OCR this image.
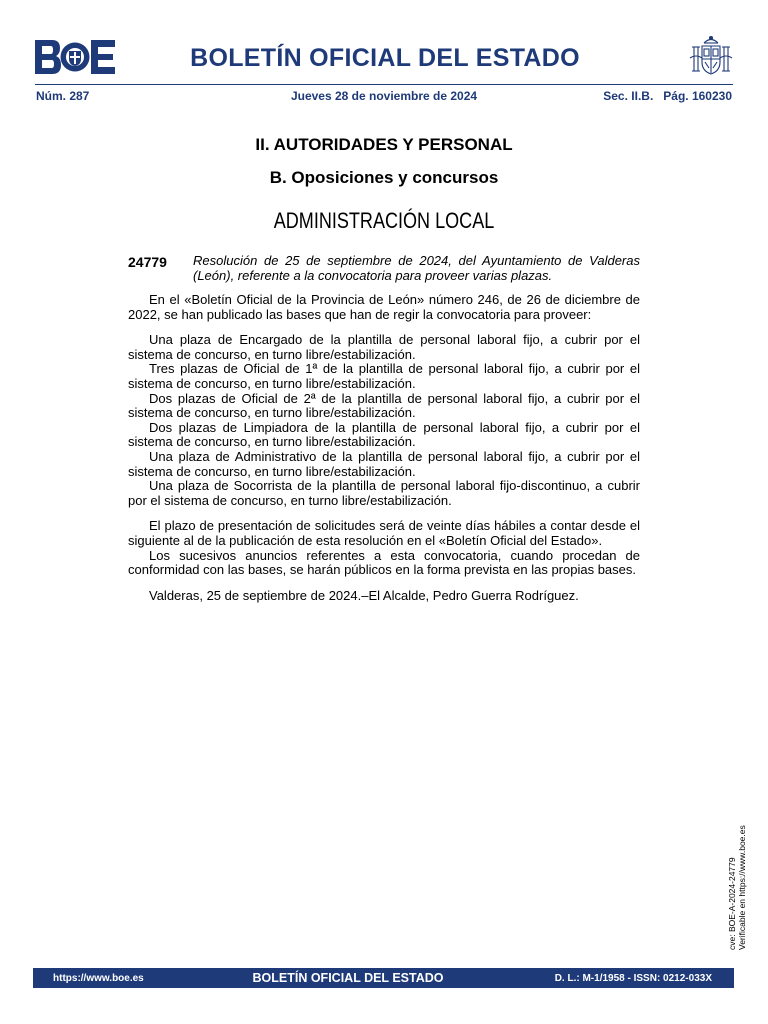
BOLETÍN OFICIAL DEL ESTADO
Núm. 287	Jueves 28 de noviembre de 2024	Sec. II.B.   Pág. 160230
II. AUTORIDADES Y PERSONAL
B. Oposiciones y concursos
ADMINISTRACIÓN LOCAL
24779 Resolución de 25 de septiembre de 2024, del Ayuntamiento de Valderas (León), referente a la convocatoria para proveer varias plazas.

En el «Boletín Oficial de la Provincia de León» número 246, de 26 de diciembre de 2022, se han publicado las bases que han de regir la convocatoria para proveer:

Una plaza de Encargado de la plantilla de personal laboral fijo, a cubrir por el sistema de concurso, en turno libre/estabilización.

Tres plazas de Oficial de 1ª de la plantilla de personal laboral fijo, a cubrir por el sistema de concurso, en turno libre/estabilización.

Dos plazas de Oficial de 2ª de la plantilla de personal laboral fijo, a cubrir por el sistema de concurso, en turno libre/estabilización.

Dos plazas de Limpiadora de la plantilla de personal laboral fijo, a cubrir por el sistema de concurso, en turno libre/estabilización.

Una plaza de Administrativo de la plantilla de personal laboral fijo, a cubrir por el sistema de concurso, en turno libre/estabilización.

Una plaza de Socorrista de la plantilla de personal laboral fijo-discontinuo, a cubrir por el sistema de concurso, en turno libre/estabilización.

El plazo de presentación de solicitudes será de veinte días hábiles a contar desde el siguiente al de la publicación de esta resolución en el «Boletín Oficial del Estado».

Los sucesivos anuncios referentes a esta convocatoria, cuando procedan de conformidad con las bases, se harán públicos en la forma prevista en las propias bases.

Valderas, 25 de septiembre de 2024.–El Alcalde, Pedro Guerra Rodríguez.

cve: BOE-A-2024-24779 Verificable en https://www.boe.es
https://www.boe.es	BOLETÍN OFICIAL DEL ESTADO	D. L.: M-1/1958 - ISSN: 0212-033X
